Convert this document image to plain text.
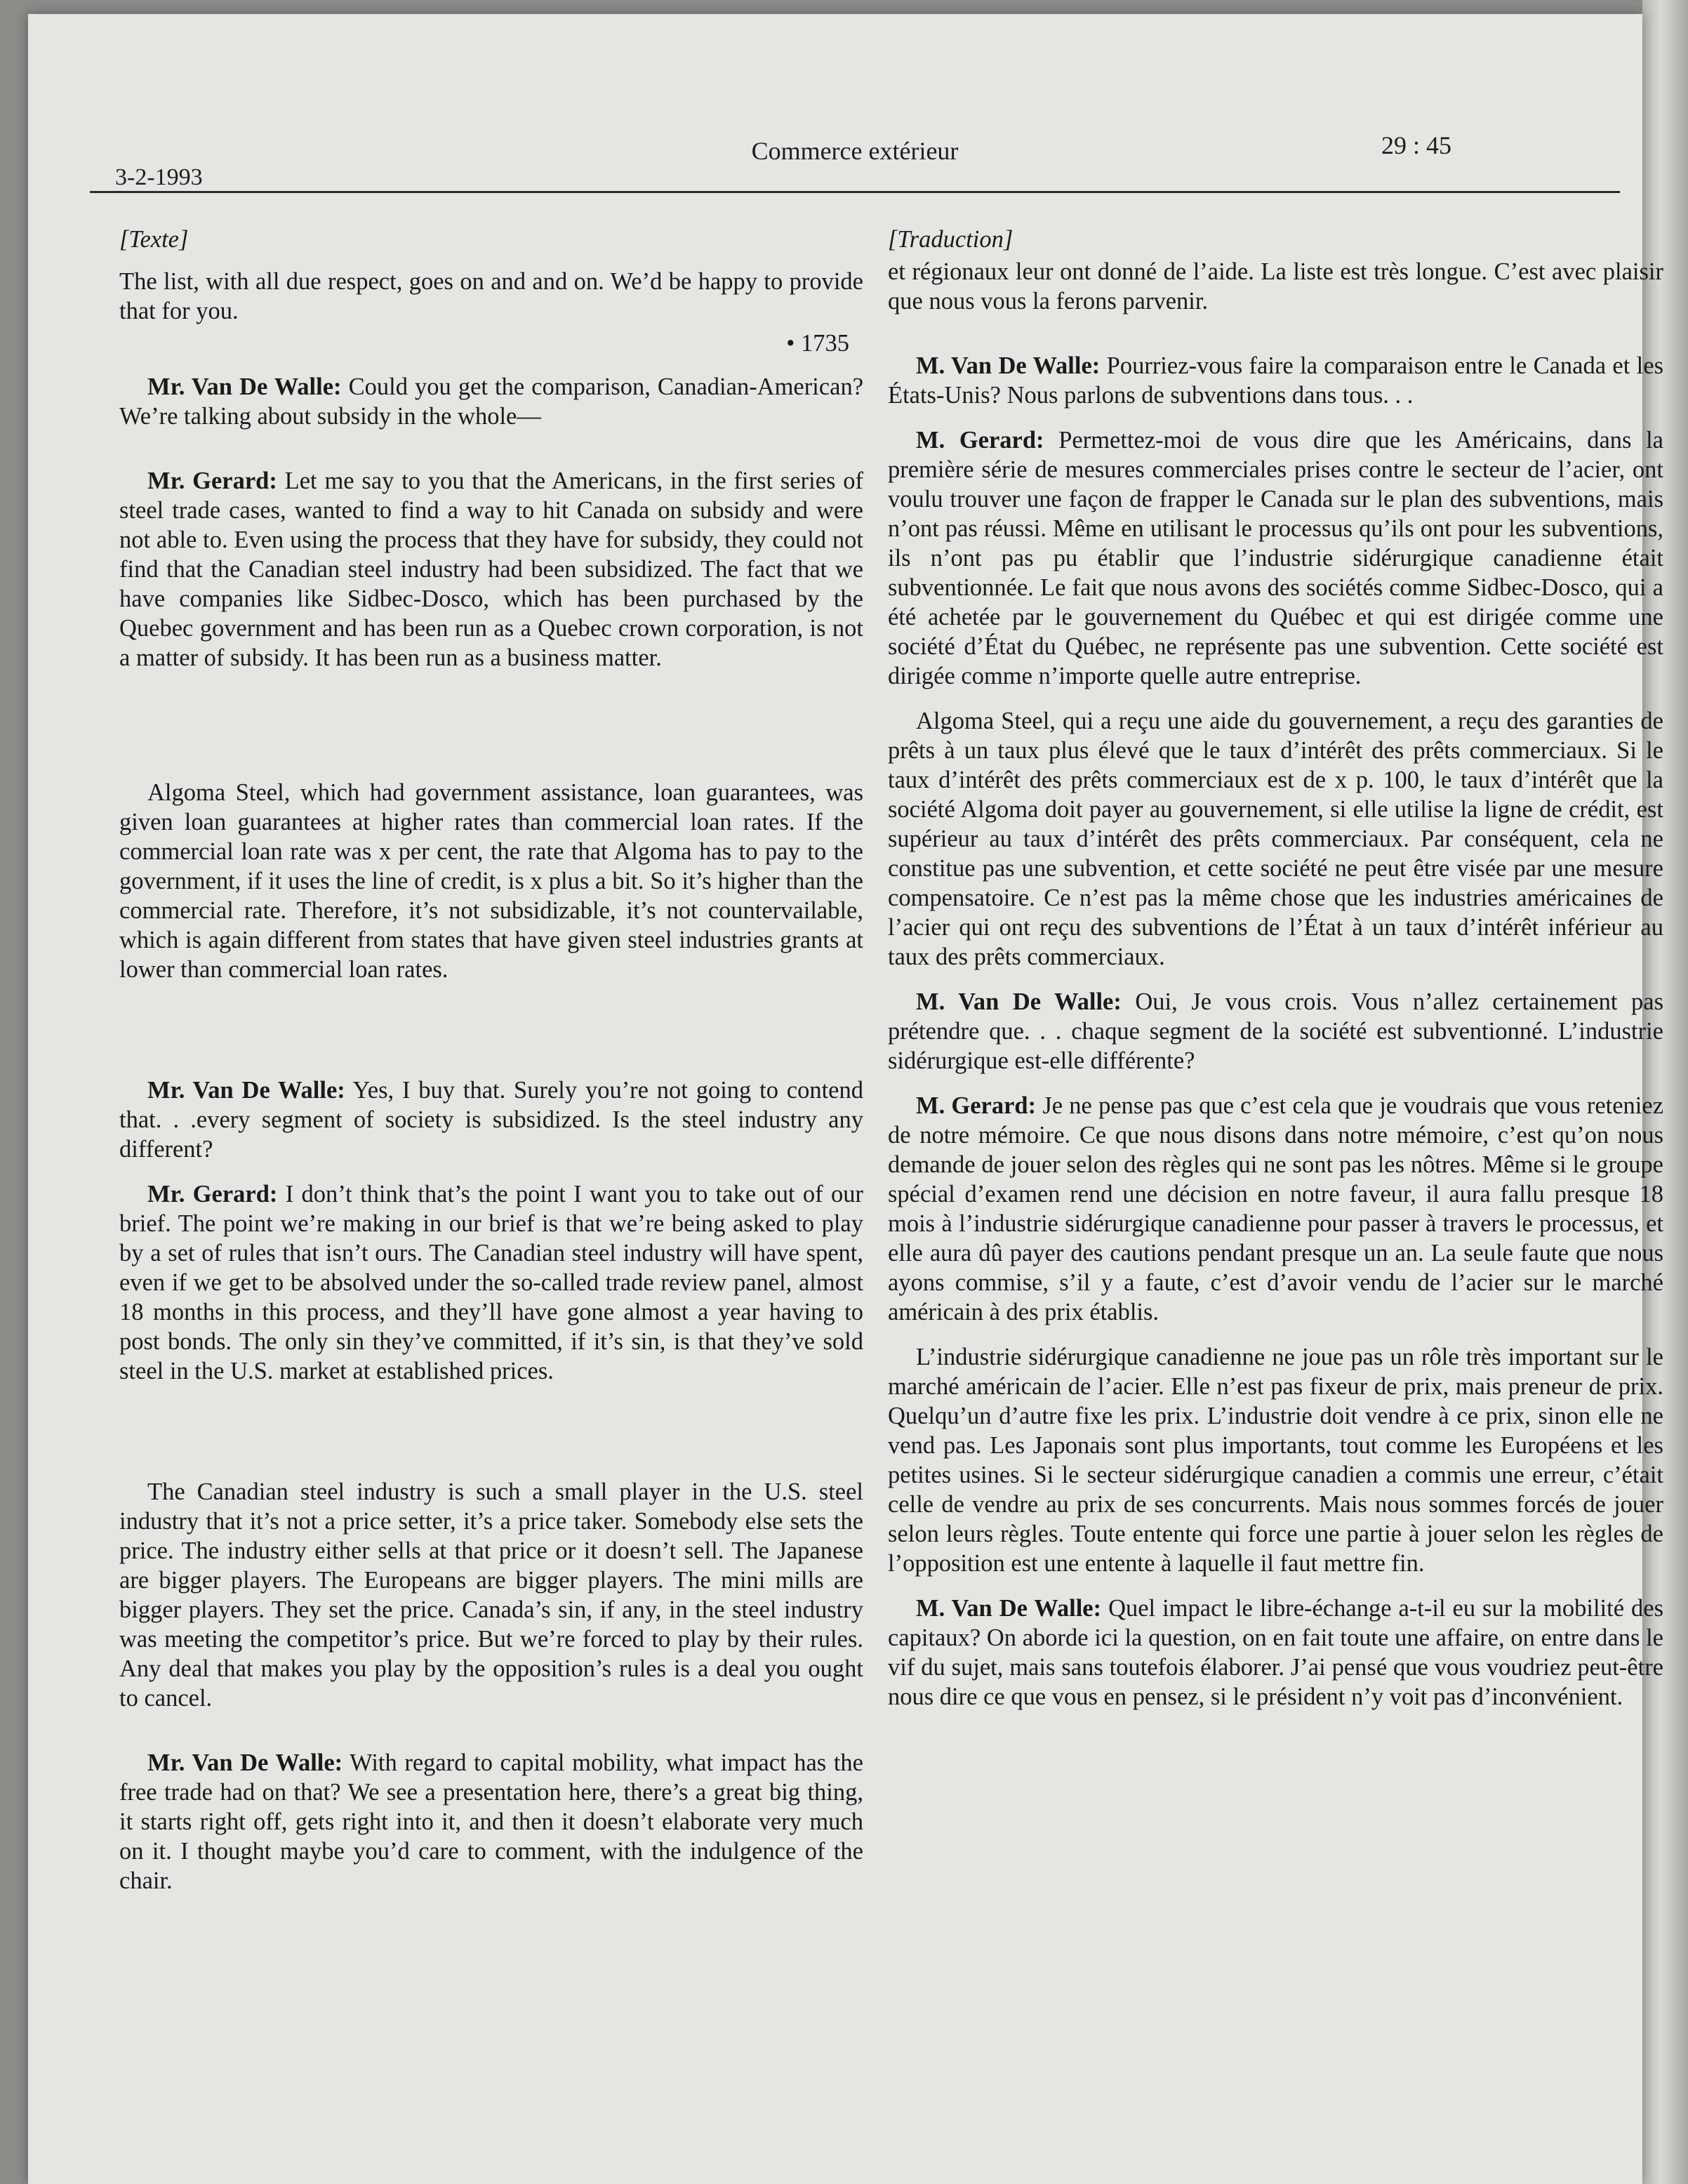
3-2-1993
Commerce extérieur	29 : 45

[Texte]

The list, with all due respect, goes on and and on. We’d be happy to provide that for you.

• 1735

Mr. Van De Walle: Could you get the comparison, Canadian-American? We’re talking about subsidy in the whole—

Mr. Gerard: Let me say to you that the Americans, in the first series of steel trade cases, wanted to find a way to hit Canada on subsidy and were not able to. Even using the process that they have for subsidy, they could not find that the Canadian steel industry had been subsidized. The fact that we have companies like Sidbec-Dosco, which has been purchased by the Quebec government and has been run as a Quebec crown corporation, is not a matter of subsidy. It has been run as a business matter.

Algoma Steel, which had government assistance, loan guarantees, was given loan guarantees at higher rates than commercial loan rates. If the commercial loan rate was x per cent, the rate that Algoma has to pay to the government, if it uses the line of credit, is x plus a bit. So it’s higher than the commercial rate. Therefore, it’s not subsidizable, it’s not countervailable, which is again different from states that have given steel industries grants at lower than commercial loan rates.

Mr. Van De Walle: Yes, I buy that. Surely you’re not going to contend that. . .every segment of society is subsidized. Is the steel industry any different?

Mr. Gerard: I don’t think that’s the point I want you to take out of our brief. The point we’re making in our brief is that we’re being asked to play by a set of rules that isn’t ours. The Canadian steel industry will have spent, even if we get to be absolved under the so-called trade review panel, almost 18 months in this process, and they’ll have gone almost a year having to post bonds. The only sin they’ve committed, if it’s sin, is that they’ve sold steel in the U.S. market at established prices.

The Canadian steel industry is such a small player in the U.S. steel industry that it’s not a price setter, it’s a price taker. Somebody else sets the price. The industry either sells at that price or it doesn’t sell. The Japanese are bigger players. The Europeans are bigger players. The mini mills are bigger players. They set the price. Canada’s sin, if any, in the steel industry was meeting the competitor’s price. But we’re forced to play by their rules. Any deal that makes you play by the opposition’s rules is a deal you ought to cancel.

Mr. Van De Walle: With regard to capital mobility, what impact has the free trade had on that? We see a presentation here, there’s a great big thing, it starts right off, gets right into it, and then it doesn’t elaborate very much on it. I thought maybe you’d care to comment, with the indulgence of the chair.

[Traduction]

et régionaux leur ont donné de l’aide. La liste est très longue. C’est avec plaisir que nous vous la ferons parvenir.

M. Van De Walle: Pourriez-vous faire la comparaison entre le Canada et les États-Unis? Nous parlons de subventions dans tous. . .

M. Gerard: Permettez-moi de vous dire que les Américains, dans la première série de mesures commerciales prises contre le secteur de l’acier, ont voulu trouver une façon de frapper le Canada sur le plan des subventions, mais n’ont pas réussi. Même en utilisant le processus qu’ils ont pour les subventions, ils n’ont pas pu établir que l’industrie sidérurgique canadienne était subventionnée. Le fait que nous avons des sociétés comme Sidbec-Dosco, qui a été achetée par le gouvernement du Québec et qui est dirigée comme une société d’État du Québec, ne représente pas une subvention. Cette société est dirigée comme n’importe quelle autre entreprise.

Algoma Steel, qui a reçu une aide du gouvernement, a reçu des garanties de prêts à un taux plus élevé que le taux d’intérêt des prêts commerciaux. Si le taux d’intérêt des prêts commerciaux est de x p. 100, le taux d’intérêt que la société Algoma doit payer au gouvernement, si elle utilise la ligne de crédit, est supérieur au taux d’intérêt des prêts commerciaux. Par conséquent, cela ne constitue pas une subvention, et cette société ne peut être visée par une mesure compensatoire. Ce n’est pas la même chose que les industries américaines de l’acier qui ont reçu des subventions de l’État à un taux d’intérêt inférieur au taux des prêts commerciaux.

M. Van De Walle: Oui, Je vous crois. Vous n’allez certainement pas prétendre que. . . chaque segment de la société est subventionné. L’industrie sidérurgique est-elle différente?

M. Gerard: Je ne pense pas que c’est cela que je voudrais que vous reteniez de notre mémoire. Ce que nous disons dans notre mémoire, c’est qu’on nous demande de jouer selon des règles qui ne sont pas les nôtres. Même si le groupe spécial d’examen rend une décision en notre faveur, il aura fallu presque 18 mois à l’industrie sidérurgique canadienne pour passer à travers le processus, et elle aura dû payer des cautions pendant presque un an. La seule faute que nous ayons commise, s’il y a faute, c’est d’avoir vendu de l’acier sur le marché américain à des prix établis.

L’industrie sidérurgique canadienne ne joue pas un rôle très important sur le marché américain de l’acier. Elle n’est pas fixeur de prix, mais preneur de prix. Quelqu’un d’autre fixe les prix. L’industrie doit vendre à ce prix, sinon elle ne vend pas. Les Japonais sont plus importants, tout comme les Européens et les petites usines. Si le secteur sidérurgique canadien a commis une erreur, c’était celle de vendre au prix de ses concurrents. Mais nous sommes forcés de jouer selon leurs règles. Toute entente qui force une partie à jouer selon les règles de l’opposition est une entente à laquelle il faut mettre fin.

M. Van De Walle: Quel impact le libre-échange a-t-il eu sur la mobilité des capitaux? On aborde ici la question, on en fait toute une affaire, on entre dans le vif du sujet, mais sans toutefois élaborer. J’ai pensé que vous voudriez peut-être nous dire ce que vous en pensez, si le président n’y voit pas d’inconvénient.
